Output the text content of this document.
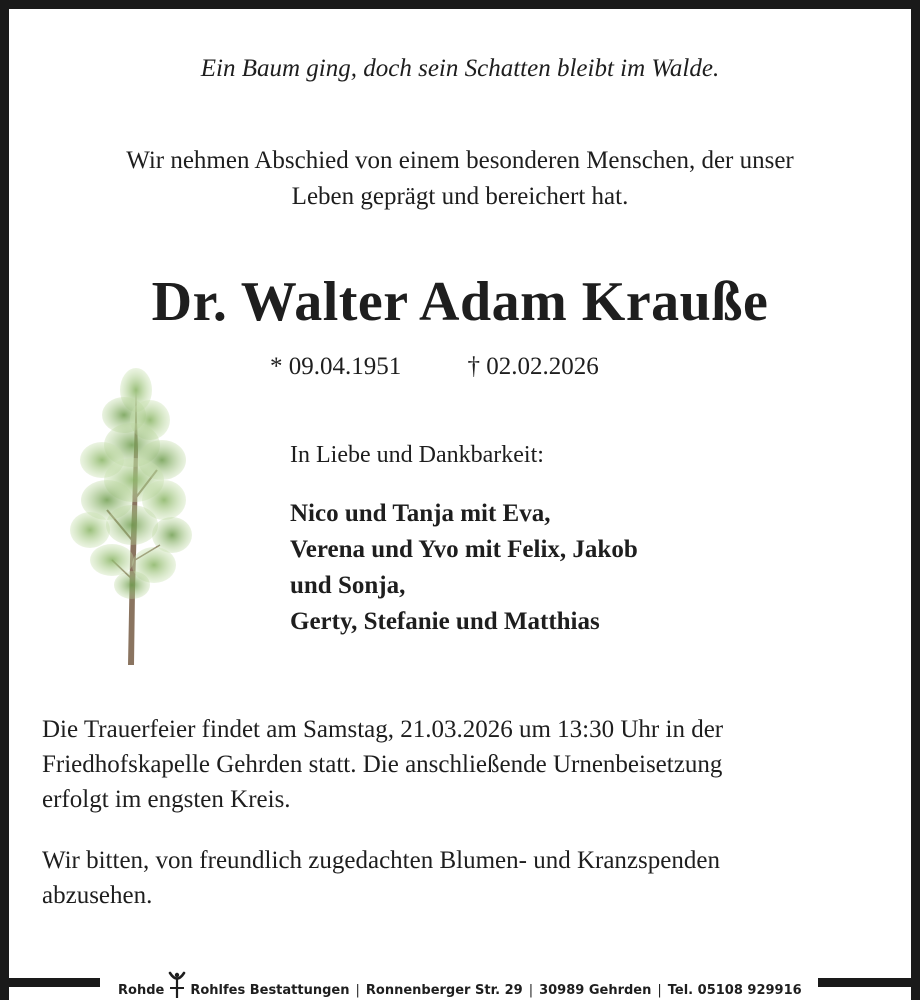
Ein Baum ging, doch sein Schatten bleibt im Walde.
Wir nehmen Abschied von einem besonderen Menschen, der unser
Leben geprägt und bereichert hat.
Dr. Walter Adam Krauße
* 09.04.1951	† 02.02.2026
In Liebe und Dankbarkeit:
Nico und Tanja mit Eva,
Verena und Yvo mit Felix, Jakob
und Sonja,
Gerty, Stefanie und Matthias
Die Trauerfeier findet am Samstag, 21.03.2026 um 13:30 Uhr in der
Friedhofskapelle Gehrden statt. Die anschließende Urnenbeisetzung
erfolgt im engsten Kreis.
Wir bitten, von freundlich zugedachten Blumen- und Kranzspenden
abzusehen.
Rohde Rohlfes Bestattungen | Ronnenberger Str. 29 | 30989 Gehrden | Tel. 05108 929916
